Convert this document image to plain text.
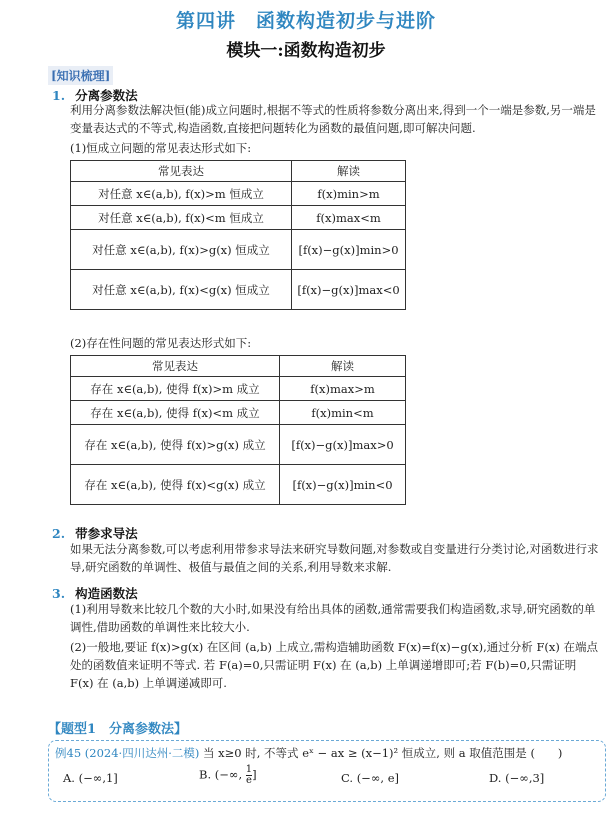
第四讲　函数构造初步与进阶
模块一:函数构造初步
[知识梳理]
1. 分离参数法
利用分离参数法解决恒(能)成立问题时,根据不等式的性质将参数分离出来,得到一个一端是参数,另一端是变量表达式的不等式,构造函数,直接把问题转化为函数的最值问题,即可解决问题.
(1)恒成立问题的常见表达形式如下:
常见表达	解读
对任意 x∈(a,b), f(x)>m 恒成立	f(x)min>m
对任意 x∈(a,b), f(x)<m 恒成立	f(x)max<m
对任意 x∈(a,b), f(x)>g(x) 恒成立	[f(x)−g(x)]min>0
对任意 x∈(a,b), f(x)<g(x) 恒成立	[f(x)−g(x)]max<0
(2)存在性问题的常见表达形式如下:
常见表达	解读
存在 x∈(a,b), 使得 f(x)>m 成立	f(x)max>m
存在 x∈(a,b), 使得 f(x)<m 成立	f(x)min<m
存在 x∈(a,b), 使得 f(x)>g(x) 成立	[f(x)−g(x)]max>0
存在 x∈(a,b), 使得 f(x)<g(x) 成立	[f(x)−g(x)]min<0
2. 带参求导法
如果无法分离参数,可以考虑利用带参求导法来研究导数问题,对参数或自变量进行分类讨论,对函数进行求导,研究函数的单调性、极值与最值之间的关系,利用导数来求解.
3. 构造函数法
(1)利用导数来比较几个数的大小时,如果没有给出具体的函数,通常需要我们构造函数,求导,研究函数的单调性,借助函数的单调性来比较大小.
(2)一般地,要证 f(x)>g(x) 在区间 (a,b) 上成立,需构造辅助函数 F(x)=f(x)−g(x),通过分析 F(x) 在端点处的函数值来证明不等式. 若 F(a)=0,只需证明 F(x) 在 (a,b) 上单调递增即可;若 F(b)=0,只需证明 F(x) 在 (a,b) 上单调递减即可.
【题型1　分离参数法】
例45 (2024·四川达州·二模) 当 x≥0 时, 不等式 eˣ − ax ≥ (x−1)² 恒成立, 则 a 取值范围是 (　　)
A. (−∞,1]	B. (−∞, $\frac{1}{e}$ ]	C. (−∞, e]	D. (−∞,3]
